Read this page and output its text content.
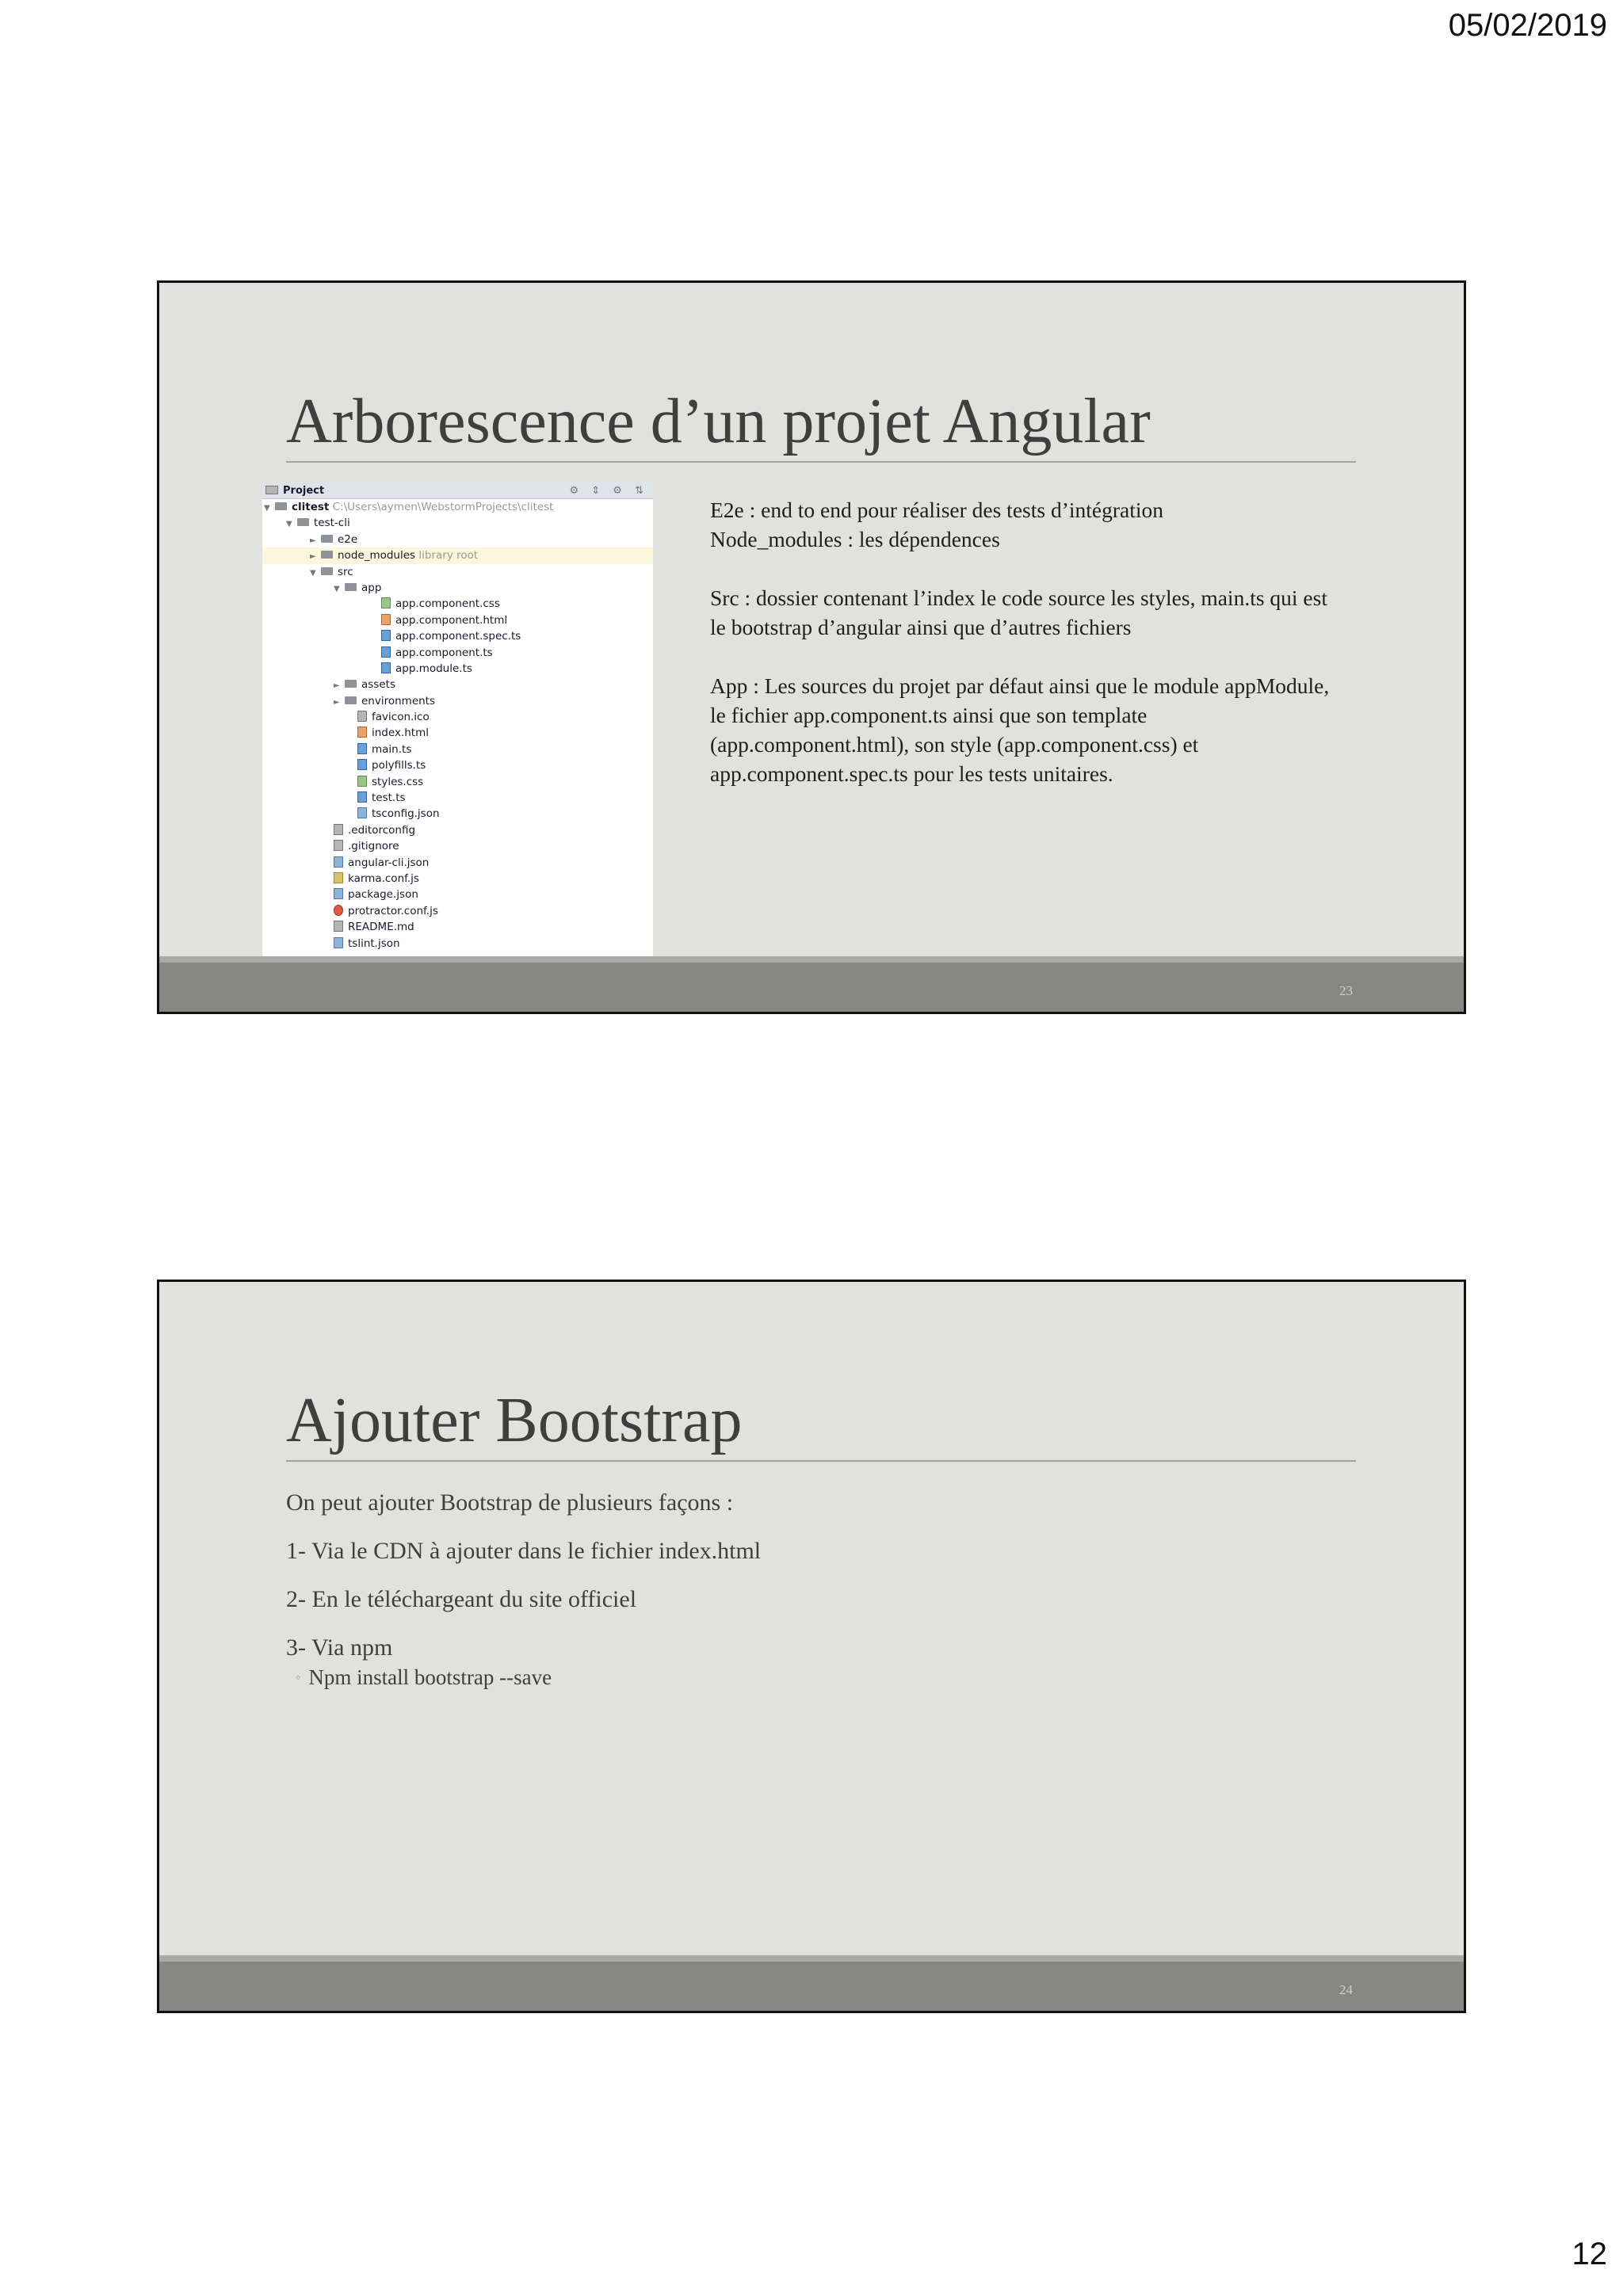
05/02/2019
Arborescence d’un projet Angular
Project	⚙ ⇕ ⚙ ⇅
▼ clitest C:\Users\aymen\WebstormProjects\clitest
▼ test-cli
► e2e
► node_modules library root
▼ src
▼ app
app.component.css
app.component.html
app.component.spec.ts
app.component.ts
app.module.ts
► assets
► environments
favicon.ico
index.html
main.ts
polyfills.ts
styles.css
test.ts
tsconfig.json
.editorconfig
.gitignore
angular-cli.json
karma.conf.js
package.json
protractor.conf.js
README.md
tslint.json

E2e : end to end pour réaliser des tests d’intégration
Node_modules : les dépendences

Src : dossier contenant l’index le code source les styles, main.ts qui est
le bootstrap d’angular ainsi que d’autres fichiers

App : Les sources du projet par défaut ainsi que le module appModule,
le fichier app.component.ts ainsi que son template
(app.component.html), son style (app.component.css) et
app.component.spec.ts pour les tests unitaires.

23
Ajouter Bootstrap

On peut ajouter Bootstrap de plusieurs façons :

1- Via le CDN à ajouter dans le fichier index.html

2- En le téléchargeant du site officiel

3- Via npm

◦ Npm install bootstrap --save
24
12
